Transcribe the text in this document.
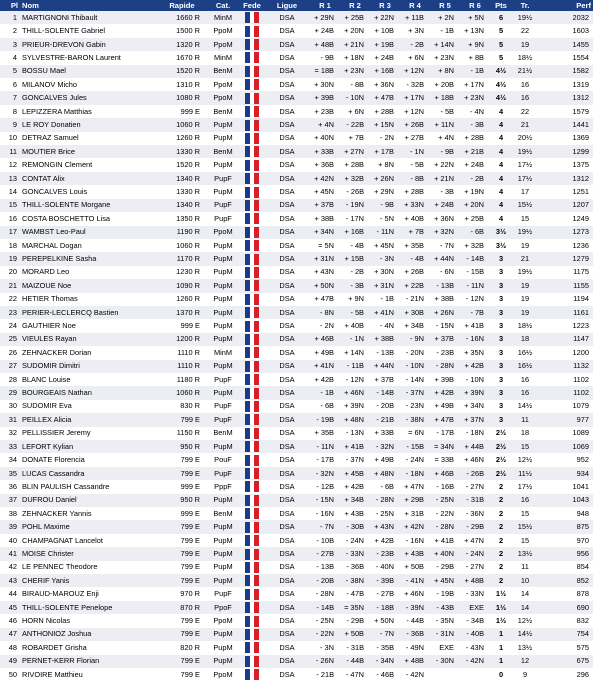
Pl	Nom	Rapide	Cat.	Fede	Ligue	R 1	R 2	R 3	R 4	R 5	R 6	Pts	Tr.	Perf
1	MARTIGNONI Thibault	1660 R	MinM		DSA	+ 29N	+ 25B	+ 22N	+ 11B	+ 2N	+ 5N	6	19½	2032
2	THILL-SOLENTE Gabriel	1500 R	PpoM		DSA	+ 24B	+ 20N	+ 10B	+ 3N	- 1B	+ 13N	5	22	1603
3	PRIEUR-DREVON Gabin	1320 R	PpoM		DSA	+ 48B	+ 21N	+ 19B	- 2B	+ 14N	+ 9N	5	19	1455
4	SYLVESTRE-BARON Laurent	1670 R	MinM		DSA	- 9B	+ 18N	+ 24B	+ 6N	+ 23N	+ 8B	5	18½	1554
5	BOSSU Mael	1520 R	BenM		DSA	= 18B	+ 23N	+ 16B	+ 12N	+ 8N	- 1B	4½	21½	1582
6	MILANOV Micho	1310 R	PpoM		DSA	+ 30N	- 8B	+ 36N	- 32B	+ 20B	+ 17N	4½	16	1319
7	GONCALVES Jules	1080 R	PpoM		DSA	+ 39B	- 10N	+ 47B	+ 17N	+ 18B	+ 23N	4½	16	1312
8	LEPIZZERA Matthias	999 E	BenM		DSA	+ 23B	+ 6N	+ 28B	+ 12N	- 5B	- 4N	4	22	1579
9	LE ROY Donatien	1060 R	PupM		DSA	+ 4N	- 22B	+ 15N	+ 26B	+ 11N	- 3B	4	21	1441
10	DETRAZ Samuel	1260 R	PupM		DSA	+ 40N	+ 7B	- 2N	+ 27B	+ 4N	+ 28B	4	20½	1369
11	MOUTIER Brice	1330 R	BenM		DSA	+ 33B	+ 27N	+ 17B	- 1N	- 9B	+ 21B	4	19½	1299
12	REMONGIN Clement	1520 R	PupM		DSA	+ 36B	+ 28B	+ 8N	- 5B	+ 22N	+ 24B	4	17½	1375
13	CONTAT Alix	1340 R	PupF		DSA	+ 42N	+ 32B	+ 26N	- 8B	+ 21N	- 2B	4	17½	1312
14	GONCALVES Louis	1330 R	PupM		DSA	+ 45N	- 26B	+ 29N	+ 28B	- 3B	+ 19N	4	17	1251
15	THILL-SOLENTE Morgane	1340 R	PupF		DSA	+ 37B	- 19N	- 9B	+ 33N	+ 24B	+ 20N	4	15½	1207
16	COSTA BOSCHETTO Lisa	1350 R	PupF		DSA	+ 38B	- 17N	- 5N	+ 40B	+ 36N	+ 25B	4	15	1249
17	WAMBST Leo-Paul	1190 R	PpoM		DSA	+ 34N	+ 16B	- 11N	+ 7B	+ 32N	- 6B	3½	19½	1273
18	MARCHAL Dogan	1060 R	PupM		DSA	= 5N	- 4B	+ 45N	+ 35B	- 7N	+ 32B	3½	19	1236
19	PEREPELKINE Sasha	1170 R	PupM		DSA	+ 31N	+ 15B	- 3N	- 4B	+ 44N	- 14B	3	21	1279
20	MORARD Leo	1230 R	PupM		DSA	+ 43N	- 2B	+ 30N	+ 26B	- 6N	- 15B	3	19½	1175
21	MAIZOUE Noe	1090 R	PupM		DSA	+ 50N	- 3B	+ 31N	+ 22B	- 13B	- 11N	3	19	1155
22	HETIER Thomas	1260 R	PupM		DSA	+ 47B	+ 9N	- 1B	- 21N	+ 38B	- 12N	3	19	1194
23	PERIER-LECLERCQ Bastien	1370 R	PupM		DSA	- 8N	- 5B	+ 41N	+ 30B	+ 26N	- 7B	3	19	1161
24	GAUTHIER Noe	999 E	PupM		DSA	- 2N	+ 40B	- 4N	+ 34B	- 15N	+ 41B	3	18½	1223
25	VIEULES Rayan	1200 R	PupM		DSA	+ 46B	- 1N	+ 38B	- 9N	+ 37B	- 16N	3	18	1147
26	ZEHNACKER Dorian	1110 R	MinM		DSA	+ 49B	+ 14N	- 13B	- 20N	- 23B	+ 35N	3	16½	1200
27	SUDOMIR Dimitri	1110 R	PupM		DSA	+ 41N	- 11B	+ 44N	- 10N	- 28N	+ 42B	3	16½	1132
28	BLANC Louise	1180 R	PupF		DSA	+ 42B	- 12N	+ 37B	- 14N	+ 39B	- 10N	3	16	1102
29	BOURGEAIS Nathan	1060 R	PupM		DSA	- 1B	+ 46N	- 14B	- 37N	+ 42B	+ 39N	3	16	1102
30	SUDOMIR Eva	830 R	PupF		DSA	- 6B	+ 39N	- 20B	- 23N	+ 49B	+ 34N	3	14½	1079
31	PEILLEX Alicia	799 E	PupF		DSA	- 19B	+ 48N	- 21B	- 38N	+ 47B	+ 37N	3	11	977
32	PELLISSIER Jeremy	1150 R	BenM		DSA	+ 35B	- 13N	+ 33B	= 6N	- 17B	- 18N	2½	18	1089
33	LEFORT Kylian	950 R	PupM		DSA	- 11N	+ 41B	- 32N	- 15B	= 34N	+ 44B	2½	15	1069
34	DONATE Florencia	799 E	PouF		DSA	- 17B	- 37N	+ 49B	- 24N	= 33B	+ 46N	2½	12½	952
35	LUCAS Cassandra	799 E	PupF		DSA	- 32N	+ 45B	+ 48N	- 18N	+ 46B	- 26B	2½	11½	934
36	BLIN PAULISH Cassandre	999 E	PppF		DSA	- 12B	+ 42B	- 6B	+ 47N	- 16B	- 27N	2	17½	1041
37	DUFROU Daniel	950 R	PupM		DSA	- 15N	+ 34B	- 28N	+ 29B	- 25N	- 31B	2	16	1043
38	ZEHNACKER Yannis	999 E	BenM		DSA	- 16N	+ 43B	- 25N	+ 31B	- 22N	- 36N	2	15	948
39	POHL Maxime	799 E	PupM		DSA	- 7N	- 30B	+ 43N	+ 42N	- 28N	- 29B	2	15½	875
40	CHAMPAGNAT Lancelot	799 E	PupM		DSA	- 10B	- 24N	+ 42B	- 16N	+ 41B	+ 47N	2	15	970
41	MOISE Christer	799 E	PupM		DSA	- 27B	- 33N	- 23B	+ 43B	+ 40N	- 24N	2	13½	956
42	LE PENNEC Theodore	799 E	PupM		DSA	- 13B	- 36B	- 40N	+ 50B	- 29B	- 27N	2	11	854
43	CHERIF Yanis	799 E	PupM		DSA	- 20B	- 38N	- 39B	- 41N	+ 45N	+ 48B	2	10	852
44	BIRAUD-MAROUZ Enji	970 R	PupF		DSA	- 28N	- 47B	- 27B	+ 46N	- 19B	- 33N	1½	14	878
45	THILL-SOLENTE Penelope	870 R	PpoF		DSA	- 14B	= 35N	- 18B	- 39N	- 43B	EXE	1½	14	690
46	HORN Nicolas	799 E	PpoM		DSA	- 25N	- 29B	+ 50N	- 44B	- 35N	- 34B	1½	12½	832
47	ANTHONIOZ Joshua	799 E	PupM		DSA	- 22N	+ 50B	- 7N	- 36B	- 31N	- 40B	1	14½	754
48	ROBARDET Grisha	820 R	PupM		DSA	- 3N	- 31B	- 35B	- 49N	EXE	- 43N	1	13½	575
49	PERNET-KERR Florian	799 E	PupM		DSA	- 26N	- 44B	- 34N	+ 48B	- 30N	- 42N	1	12	675
50	RIVOIRE Matthieu	799 E	PpoM		DSA	- 21B	- 47N	- 46B	- 42N			0	9	296
